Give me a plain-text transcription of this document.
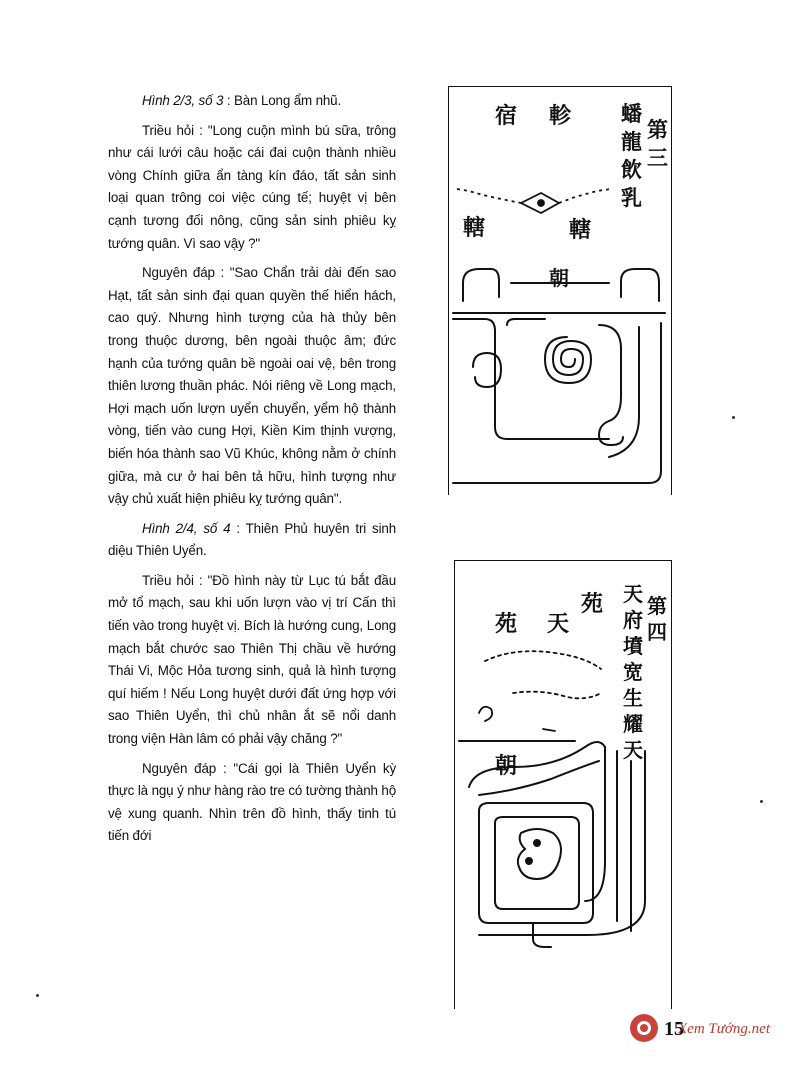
Hình 2/3, số 3 : Bàn Long ẩm nhũ.

Triều hỏi : "Long cuộn mình bú sữa, trông như cái lưới câu hoặc cái đai cuộn thành nhiều vòng Chính giữa ẩn tàng kín đáo, tất sản sinh loại quan trông coi việc cúng tế; huyệt vị bên cạnh tương đối nông, cũng sản sinh phiêu kỵ tướng quân. Vì sao vậy ?"

Nguyên đáp : "Sao Chẩn trải dài đến sao Hạt, tất sản sinh đại quan quyền thế hiển hách, cao quý. Nhưng hình tượng của hà thủy bên trong thuộc dương, bên ngoài thuộc âm; đức hạnh của tướng quân bề ngoài oai vệ, bên trong thiên lương thuần phác. Nói riêng về Long mạch, Hợi mạch uốn lượn uyển chuyển, yểm hộ thành vòng, tiến vào cung Hợi, Kiền Kim thịnh vượng, biến hóa thành sao Vũ Khúc, không nằm ở chính giữa, mà cư ở hai bên tả hữu, hình tượng như vậy chủ xuất hiện phiêu kỵ tướng quân".

Hình 2/4, số 4 : Thiên Phủ huyên tri sinh diệu Thiên Uyển.

Triều hỏi : "Đồ hình này từ Lục tú bắt đầu mở tổ mạch, sau khi uốn lượn vào vị trí Cấn thì tiến vào trong huyệt vị. Bích là hướng cung, Long mạch bắt chước sao Thiên Thị chầu về hướng Thái Vi, Mộc Hỏa tương sinh, quả là hình tượng quí hiếm ! Nếu Long huyệt dưới đất ứng hợp với sao Thiên Uyển, thì chủ nhân ắt sẽ nổi danh trong viện Hàn lâm có phải vậy chăng ?"

Nguyên đáp : "Cái gọi là Thiên Uyển kỳ thực là ngụ ý như hàng rào tre có tường thành hộ vệ xung quanh. Nhìn trên đồ hình, thấy tinh tú tiến đới

第
三
蟠
龍
飲
乳
宿 軫
轄	轄
朝
第
四
天
府
墳
宽
生
耀
天
苑
苑 天
朝
15
Xem Tướng.net
